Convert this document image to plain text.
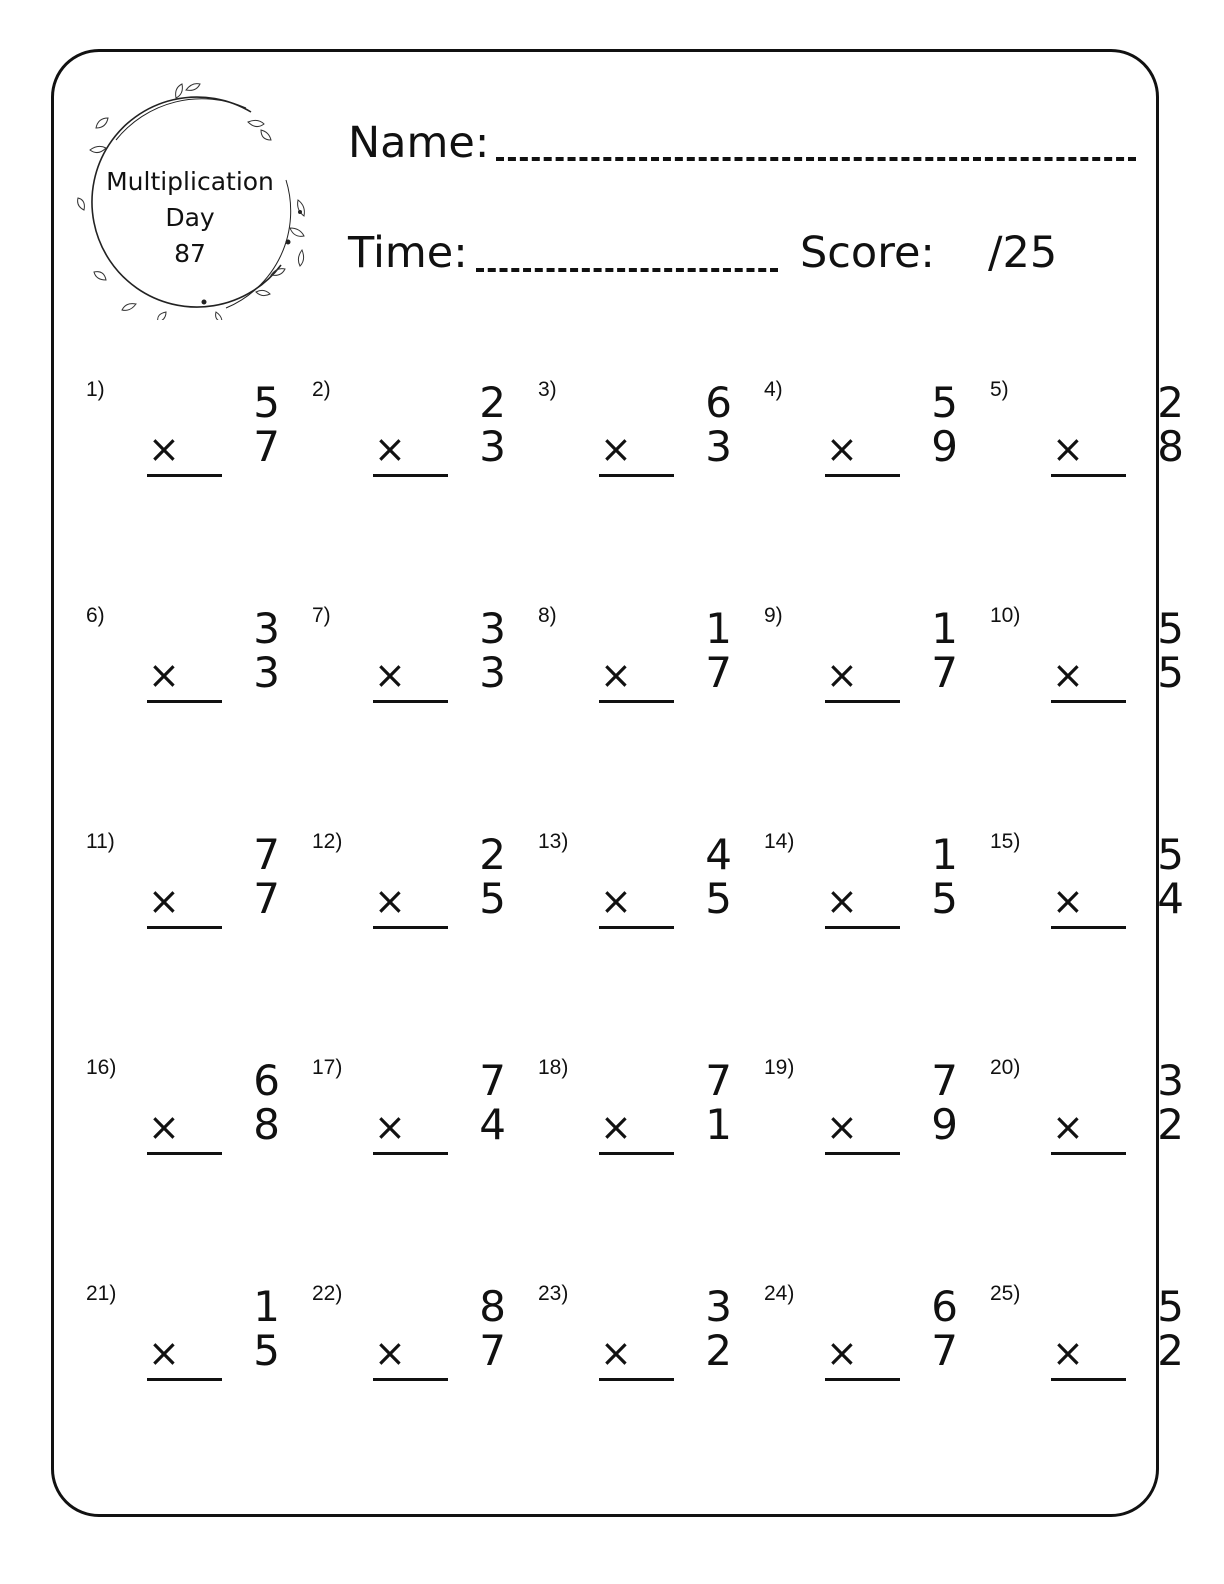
Multiplication
Day
87
Name:
Time:	Score: /25
1)	5
× 7
2)	2
× 3
3)	6
× 3
4)	5
× 9
5)	2
× 8
6)	3
× 3
7)	3
× 3
8)	1
× 7
9)	1
× 7
10)	5
× 5
11)	7
× 7
12)	2
× 5
13)	4
× 5
14)	1
× 5
15)	5
× 4
16)	6
× 8
17)	7
× 4
18)	7
× 1
19)	7
× 9
20)	3
× 2
21)	1
× 5
22)	8
× 7
23)	3
× 2
24)	6
× 7
25)	5
× 2
